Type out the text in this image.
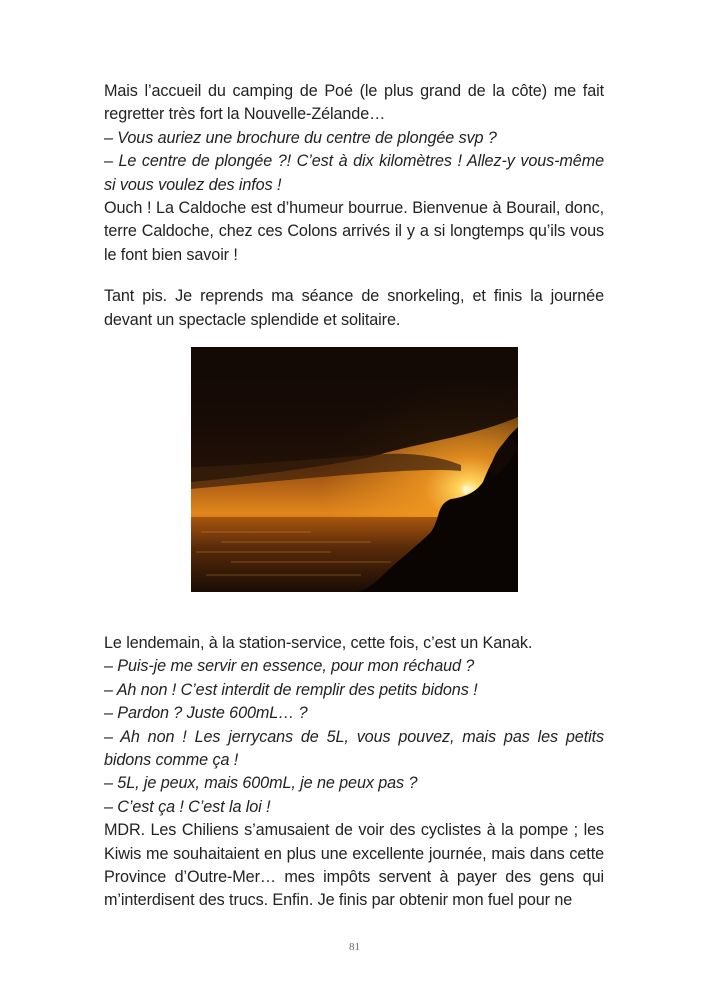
Mais l’accueil du camping de Poé (le plus grand de la côte) me fait regretter très fort la Nouvelle-Zélande…

– Vous auriez une brochure du centre de plongée svp ?

– Le centre de plongée ?! C’est à dix kilomètres ! Allez-y vous-même si vous voulez des infos !

Ouch ! La Caldoche est d’humeur bourrue. Bienvenue à Bourail, donc, terre Caldoche, chez ces Colons arrivés il y a si longtemps qu’ils vous le font bien savoir !

Tant pis. Je reprends ma séance de snorkeling, et finis la journée devant un spectacle splendide et solitaire.

Le lendemain, à la station-service, cette fois, c’est un Kanak.

– Puis-je me servir en essence, pour mon réchaud ?

– Ah non ! C’est interdit de remplir des petits bidons !

– Pardon ? Juste 600mL… ?

– Ah non ! Les jerrycans de 5L, vous pouvez, mais pas les petits bidons comme ça !

– 5L, je peux, mais 600mL, je ne peux pas ?

– C’est ça ! C’est la loi !

MDR. Les Chiliens s’amusaient de voir des cyclistes à la pompe ; les Kiwis me souhaitaient en plus une excellente journée, mais dans cette Province d’Outre-Mer… mes impôts servent à payer des gens qui m’interdisent des trucs. Enfin. Je finis par obtenir mon fuel pour ne

81
